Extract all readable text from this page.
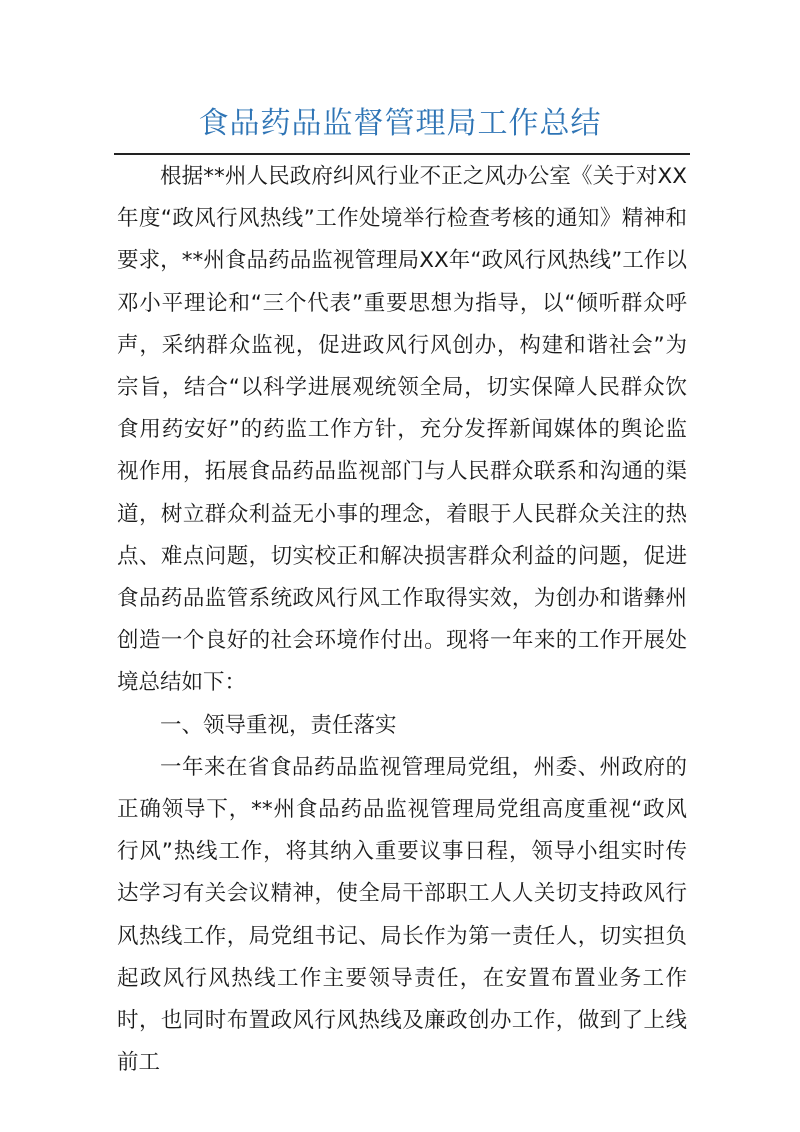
食品药品监督管理局工作总结

根据**州人民政府纠风行业不正之风办公室《关于对XX年度“政风行风热线”工作处境举行检查考核的通知》精神和要求，**州食品药品监视管理局XX年“政风行风热线”工作以邓小平理论和“三个代表”重要思想为指导，以“倾听群众呼声，采纳群众监视，促进政风行风创办，构建和谐社会”为宗旨，结合“以科学进展观统领全局，切实保障人民群众饮食用药安好”的药监工作方针，充分发挥新闻媒体的舆论监视作用，拓展食品药品监视部门与人民群众联系和沟通的渠道，树立群众利益无小事的理念，着眼于人民群众关注的热点、难点问题，切实校正和解决损害群众利益的问题，促进食品药品监管系统政风行风工作取得实效，为创办和谐彝州创造一个良好的社会环境作付出。现将一年来的工作开展处境总结如下：

一、领导重视，责任落实

一年来在省食品药品监视管理局党组，州委、州政府的正确领导下，**州食品药品监视管理局党组高度重视“政风行风”热线工作，将其纳入重要议事日程，领导小组实时传达学习有关会议精神，使全局干部职工人人关切支持政风行风热线工作，局党组书记、局长作为第一责任人，切实担负起政风行风热线工作主要领导责任，在安置布置业务工作时，也同时布置政风行风热线及廉政创办工作，做到了上线前工
